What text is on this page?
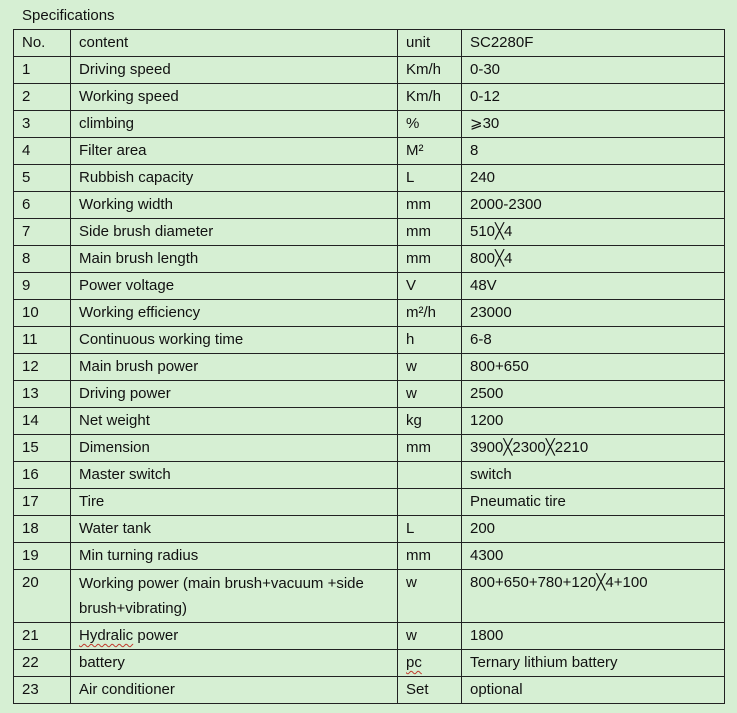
Specifications
No.	content	unit	SC2280F
1	Driving speed	Km/h	0-30
2	Working speed	Km/h	0-12
3	climbing	%	⩾30
4	Filter area	M²	8
5	Rubbish capacity	L	240
6	Working width	mm	2000-2300
7	Side brush diameter	mm	510╳4
8	Main brush length	mm	800╳4
9	Power voltage	V	48V
10	Working efficiency	m²/h	23000
11	Continuous working time	h	6-8
12	Main brush power	w	800+650
13	Driving power	w	2500
14	Net weight	kg	1200
15	Dimension	mm	3900╳2300╳2210
16	Master switch		switch
17	Tire		Pneumatic tire
18	Water tank	L	200
19	Min turning radius	mm	4300
20	Working power (main brush+vacuum +side brush+vibrating)	w	800+650+780+120╳4+100
21	Hydralic power	w	1800
22	battery	pc	Ternary lithium battery
23	Air conditioner	Set	optional
